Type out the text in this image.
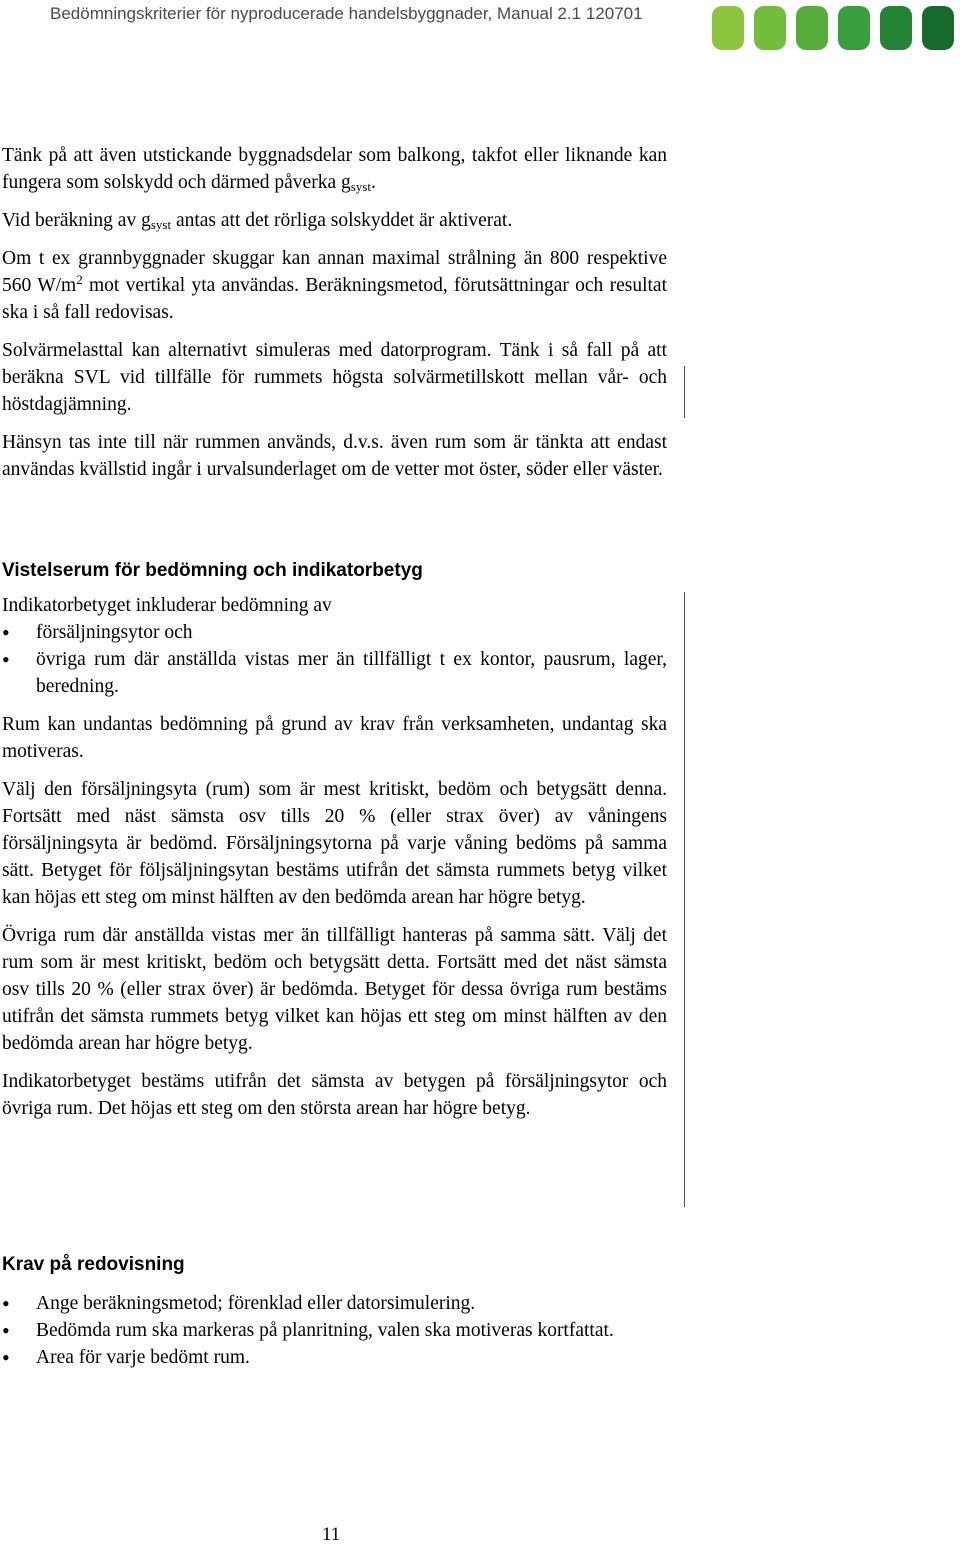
Bedömningskriterier för nyproducerade handelsbyggnader, Manual 2.1 120701

Tänk på att även utstickande byggnadsdelar som balkong, takfot eller liknande kan fungera som solskydd och därmed påverka $g_{syst}$.

Vid beräkning av $g_{syst}$ antas att det rörliga solskyddet är aktiverat.

Om t ex grannbyggnader skuggar kan annan maximal strålning än 800 respektive 560 $W/m^2$ mot vertikal yta användas. Beräkningsmetod, förutsättningar och resultat ska i så fall redovisas.

Solvärmelasttal kan alternativt simuleras med datorprogram. Tänk i så fall på att beräkna SVL vid tillfälle för rummets högsta solvärmetillskott mellan vår- och höstdagjämning.

Hänsyn tas inte till när rummen används, d.v.s. även rum som är tänkta att endast användas kvällstid ingår i urvalsunderlaget om de vetter mot öster, söder eller väster.

Vistelserum för bedömning och indikatorbetyg

Indikatorbetyget inkluderar bedömning av

• försäljningsytor och
• övriga rum där anställda vistas mer än tillfälligt t ex kontor, pausrum, lager, beredning.

Rum kan undantas bedömning på grund av krav från verksamheten, undantag ska motiveras.

Välj den försäljningsyta (rum) som är mest kritiskt, bedöm och betygsätt denna. Fortsätt med näst sämsta osv tills 20 % (eller strax över) av våningens försäljningsyta är bedömd. Försäljningsytorna på varje våning bedöms på samma sätt. Betyget för följsäljningsytan bestäms utifrån det sämsta rummets betyg vilket kan höjas ett steg om minst hälften av den bedömda arean har högre betyg.

Övriga rum där anställda vistas mer än tillfälligt hanteras på samma sätt. Välj det rum som är mest kritiskt, bedöm och betygsätt detta. Fortsätt med det näst sämsta osv tills 20 % (eller strax över) är bedömda. Betyget för dessa övriga rum bestäms utifrån det sämsta rummets betyg vilket kan höjas ett steg om minst hälften av den bedömda arean har högre betyg.

Indikatorbetyget bestäms utifrån det sämsta av betygen på försäljningsytor och övriga rum. Det höjas ett steg om den största arean har högre betyg.

Krav på redovisning
• Ange beräkningsmetod; förenklad eller datorsimulering.
• Bedömda rum ska markeras på planritning, valen ska motiveras kortfattat.
• Area för varje bedömt rum.
11
